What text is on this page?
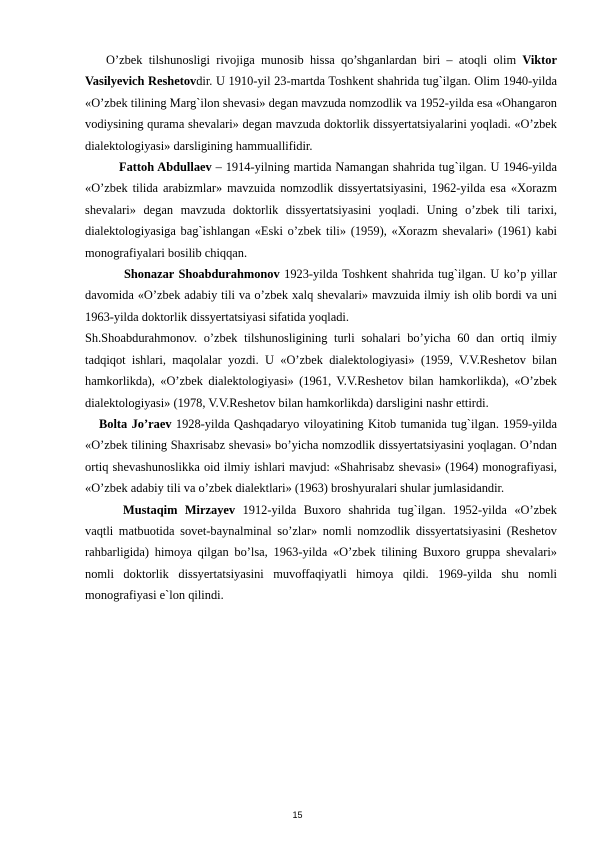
O’zbek tilshunosligi rivojiga munosib hissa qo’shganlardan biri – atoqli olim Viktor Vasilyevich Reshetovdir. U 1910-yil 23-martda Toshkent shahrida tug`ilgan. Olim 1940-yilda «O’zbek tilining Marg`ilon shevasi» degan mavzuda nomzodlik va 1952-yilda esa «Ohangaron vodiysining qurama shevalari» degan mavzuda doktorlik dissyertatsiyalarini yoqladi. «O’zbek dialektologiyasi» darsligining hammuallifidir.

Fattoh Abdullaev – 1914-yilning martida Namangan shahrida tug`ilgan. U 1946-yilda «O’zbek tilida arabizmlar» mavzuida nomzodlik dissyertatsiyasini, 1962-yilda esa «Xorazm shevalari» degan mavzuda doktorlik dissyertatsiyasini yoqladi. Uning o’zbek tili tarixi, dialektologiyasiga bag`ishlangan «Eski o’zbek tili» (1959), «Xorazm shevalari» (1961) kabi monografiyalari bosilib chiqqan.

Shonazar Shoabdurahmonov 1923-yilda Toshkent shahrida tug`ilgan. U ko’p yillar davomida «O’zbek adabiy tili va o’zbek xalq shevalari» mavzuida ilmiy ish olib bordi va uni 1963-yilda doktorlik dissyertatsiyasi sifatida yoqladi.

Sh.Shoabdurahmonov. o’zbek tilshunosligining turli sohalari bo’yicha 60 dan ortiq ilmiy tadqiqot ishlari, maqolalar yozdi. U «O’zbek dialektologiyasi» (1959, V.V.Reshetov bilan hamkorlikda), «O’zbek dialektologiyasi» (1961, V.V.Reshetov bilan hamkorlikda), «O’zbek dialektologiyasi» (1978, V.V.Reshetov bilan hamkorlikda) darsligini nashr ettirdi.

Bolta Jo’raev 1928-yilda Qashqadaryo viloyatining Kitob tumanida tug`ilgan. 1959-yilda «O’zbek tilining Shaxrisabz shevasi» bo’yicha nomzodlik dissyertatsiyasini yoqlagan. O’ndan ortiq shevashunoslikka oid ilmiy ishlari mavjud: «Shahrisabz shevasi» (1964) monografiyasi, «O’zbek adabiy tili va o’zbek dialektlari» (1963) broshyuralari shular jumlasidandir.

Mustaqim Mirzayev 1912-yilda Buxoro shahrida tug`ilgan. 1952-yilda «O’zbek vaqtli matbuotida sovet-baynalminal so’zlar» nomli nomzodlik dissyertatsiyasini (Reshetov rahbarligida) himoya qilgan bo’lsa, 1963-yilda «O’zbek tilining Buxoro gruppa shevalari» nomli doktorlik dissyertatsiyasini muvoffaqiyatli himoya qildi. 1969-yilda shu nomli monografiyasi e`lon qilindi.

15
